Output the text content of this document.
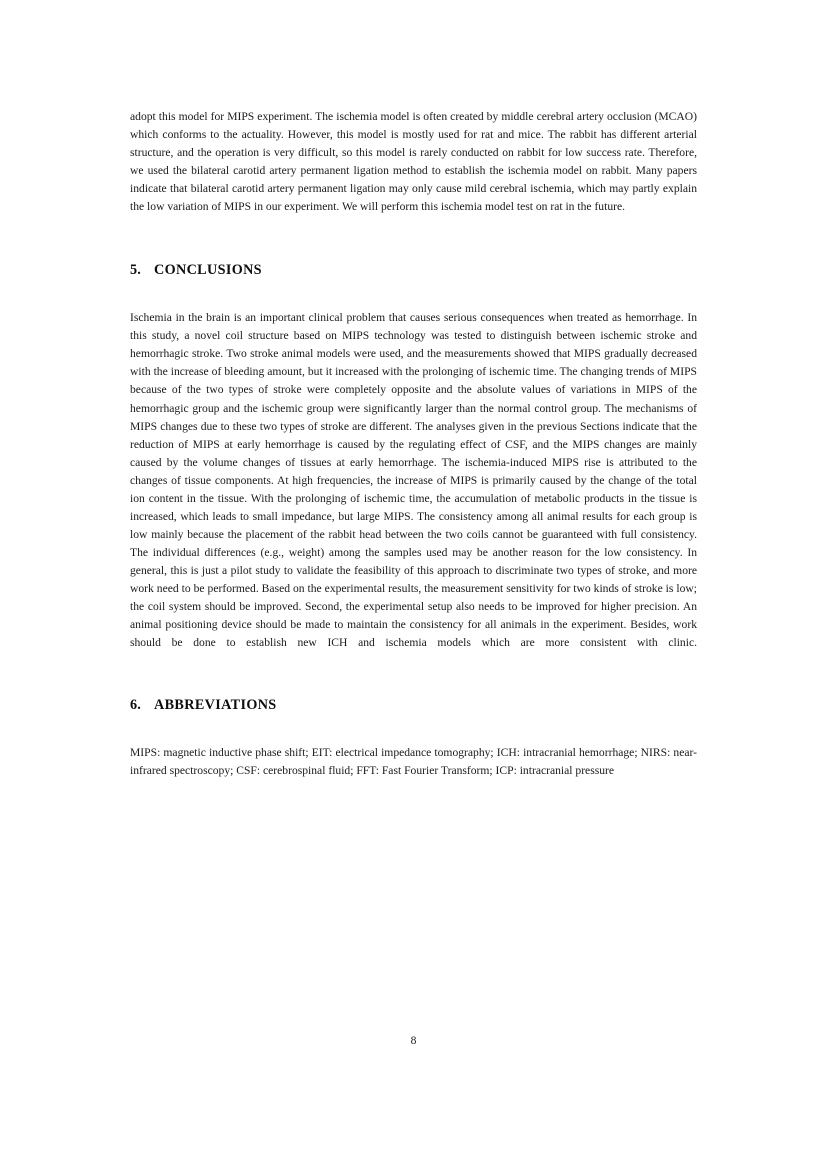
adopt this model for MIPS experiment. The ischemia model is often created by middle cerebral artery occlusion (MCAO) which conforms to the actuality. However, this model is mostly used for rat and mice. The rabbit has different arterial structure, and the operation is very difficult, so this model is rarely conducted on rabbit for low success rate. Therefore, we used the bilateral carotid artery permanent ligation method to establish the ischemia model on rabbit. Many papers indicate that bilateral carotid artery permanent ligation may only cause mild cerebral ischemia, which may partly explain the low variation of MIPS in our experiment. We will perform this ischemia model test on rat in the future.

5. CONCLUSIONS

Ischemia in the brain is an important clinical problem that causes serious consequences when treated as hemorrhage. In this study, a novel coil structure based on MIPS technology was tested to distinguish between ischemic stroke and hemorrhagic stroke. Two stroke animal models were used, and the measurements showed that MIPS gradually decreased with the increase of bleeding amount, but it increased with the prolonging of ischemic time. The changing trends of MIPS because of the two types of stroke were completely opposite and the absolute values of variations in MIPS of the hemorrhagic group and the ischemic group were significantly larger than the normal control group. The mechanisms of MIPS changes due to these two types of stroke are different. The analyses given in the previous Sections indicate that the reduction of MIPS at early hemorrhage is caused by the regulating effect of CSF, and the MIPS changes are mainly caused by the volume changes of tissues at early hemorrhage. The ischemia-induced MIPS rise is attributed to the changes of tissue components. At high frequencies, the increase of MIPS is primarily caused by the change of the total ion content in the tissue. With the prolonging of ischemic time, the accumulation of metabolic products in the tissue is increased, which leads to small impedance, but large MIPS. The consistency among all animal results for each group is low mainly because the placement of the rabbit head between the two coils cannot be guaranteed with full consistency. The individual differences (e.g., weight) among the samples used may be another reason for the low consistency. In general, this is just a pilot study to validate the feasibility of this approach to discriminate two types of stroke, and more work need to be performed. Based on the experimental results, the measurement sensitivity for two kinds of stroke is low; the coil system should be improved. Second, the experimental setup also needs to be improved for higher precision. An animal positioning device should be made to maintain the consistency for all animals in the experiment. Besides, work should be done to establish new ICH and ischemia models which are more consistent with clinic.

6. ABBREVIATIONS

MIPS: magnetic inductive phase shift; EIT: electrical impedance tomography; ICH: intracranial hemorrhage; NIRS: near-infrared spectroscopy; CSF: cerebrospinal fluid; FFT: Fast Fourier Transform; ICP: intracranial pressure

8
